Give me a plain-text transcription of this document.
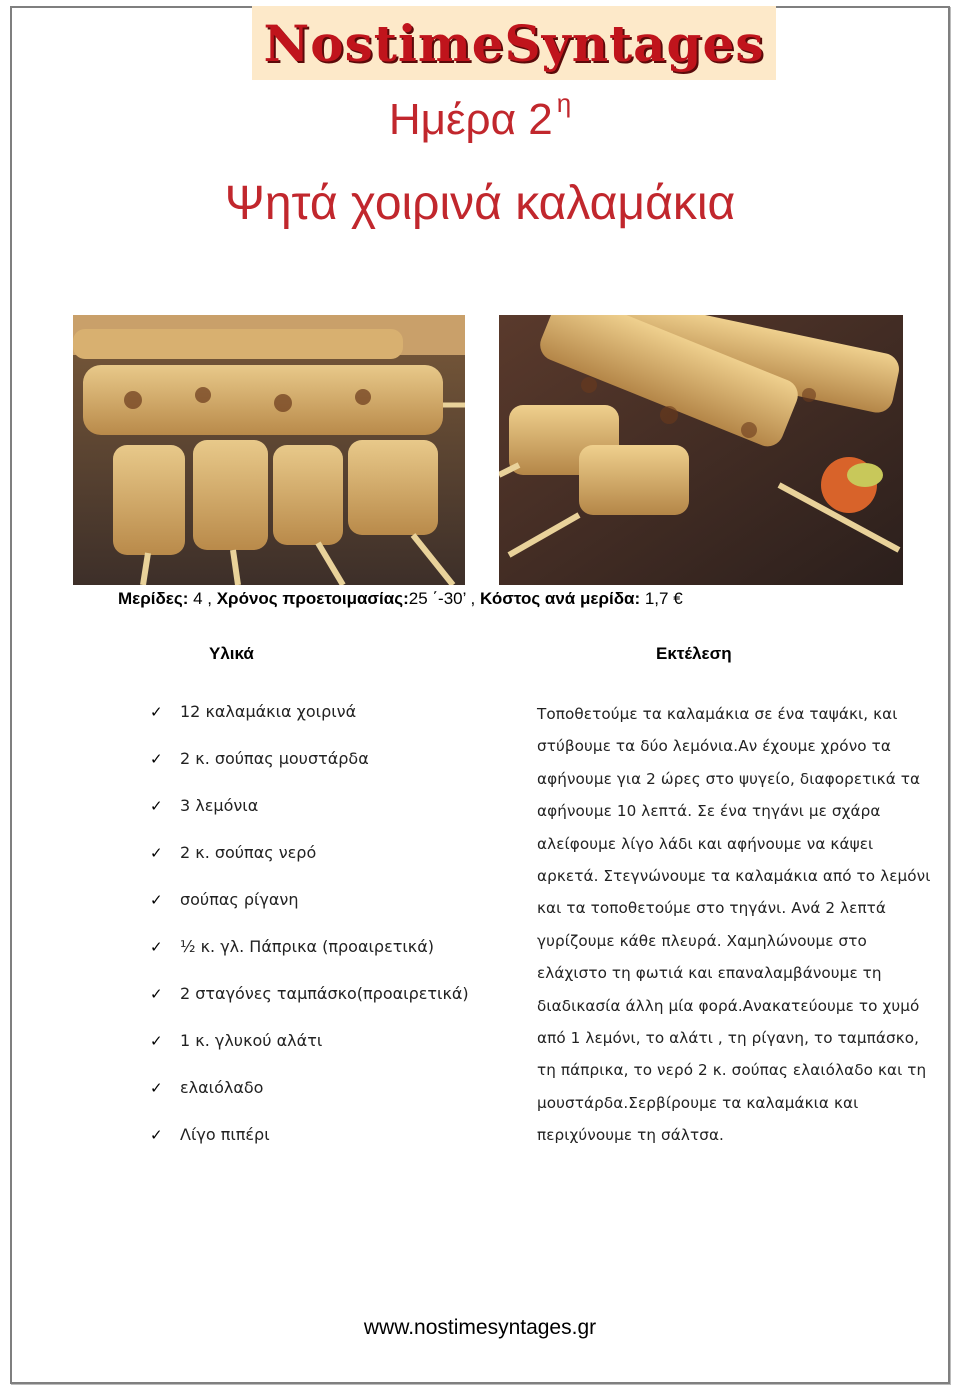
NostimeSyntages
Ημέρα 2 $^\eta$
Ψητά χοιρινά καλαμάκια
Μερίδες: 4 , Χρόνος προετοιμασίας:25 ΄-30’ , Κόστος ανά μερίδα: 1,7 €
Υλικά	Εκτέλεση
✓	12 καλαμάκια χοιρινά
✓	2 κ. σούπας μουστάρδα
✓	3 λεμόνια
✓	2 κ. σούπας νερό
✓	σούπας ρίγανη
✓	½ κ. γλ. Πάπρικα (προαιρετικά)
✓	2 σταγόνες ταμπάσκο(προαιρετικά)
✓	1 κ. γλυκού αλάτι
✓	ελαιόλαδο
✓	Λίγο πιπέρι

Τοποθετούμε τα καλαμάκια σε ένα ταψάκι, και στύβουμε τα δύο λεμόνια.Αν έχουμε χρόνο τα αφήνουμε για 2 ώρες στο ψυγείο, διαφορετικά τα αφήνουμε 10 λεπτά. Σε ένα τηγάνι με σχάρα αλείφουμε λίγο λάδι και αφήνουμε να κάψει αρκετά. Στεγνώνουμε τα καλαμάκια από το λεμόνι και τα τοποθετούμε στο τηγάνι. Ανά 2 λεπτά γυρίζουμε κάθε πλευρά. Χαμηλώνουμε στο ελάχιστο τη φωτιά και επαναλαμβάνουμε τη διαδικασία άλλη μία φορά.Ανακατεύουμε το χυμό από 1 λεμόνι, το αλάτι , τη ρίγανη, το ταμπάσκο, τη πάπρικα, το νερό 2 κ. σούπας ελαιόλαδο και τη μουστάρδα.Σερβίρουμε τα καλαμάκια και περιχύνουμε τη σάλτσα.

www.nostimesyntages.gr
